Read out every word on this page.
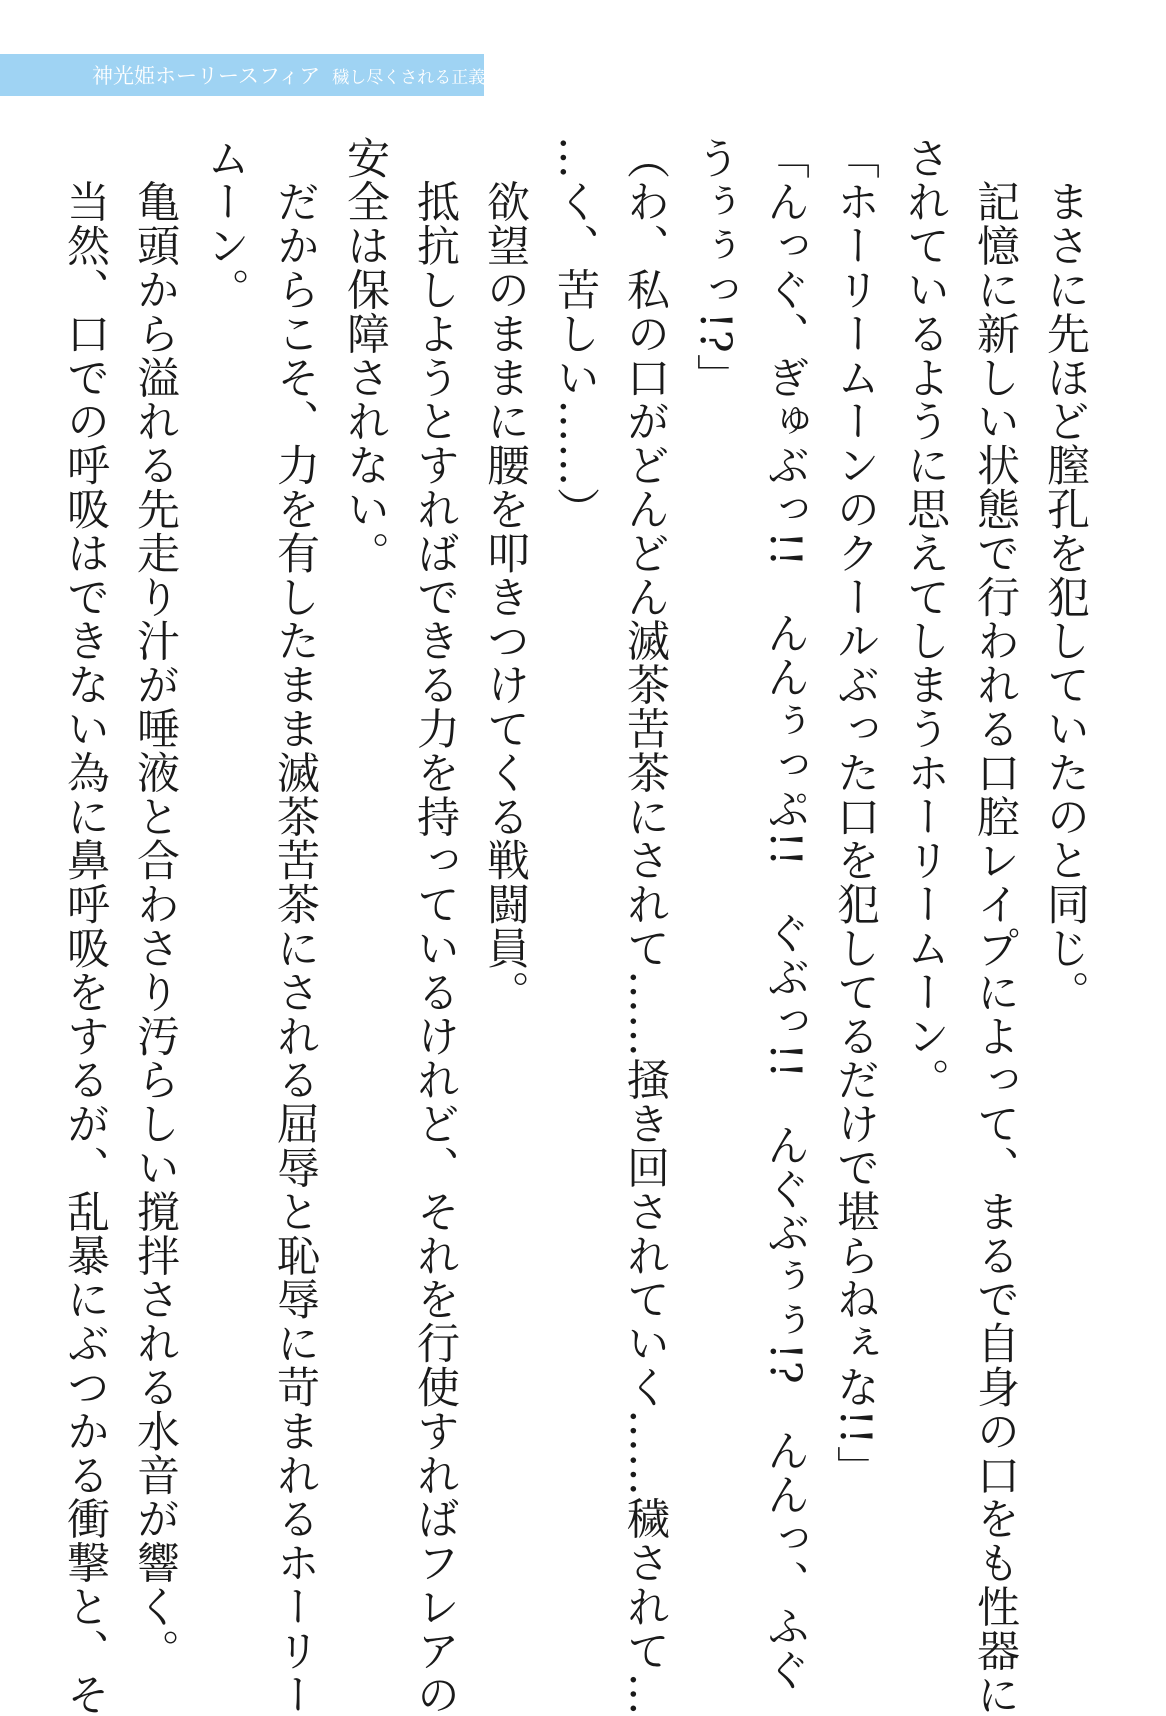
神光姫ホーリースフィア 穢し尽くされる正義
　まさに先ほど膣孔を犯していたのと同じ。
　記憶に新しい状態で行われる口腔レイプによって、まるで自身の口をも性器に
されているように思えてしまうホーリームーン。
「ホーリームーンのクールぶった口を犯してるだけで堪らねぇな!!」
「んっぐ、ぎゅぶっ!!　んんぅっぷ!!　ぐぶっ!!　んぐぶぅぅ!?　んんっ、ふぐ
うぅぅっ!?」
（わ、私の口がどんどん滅茶苦茶にされて……掻き回されていく……穢されて…
…く、苦しい……）
　欲望のままに腰を叩きつけてくる戦闘員。
　抵抗しようとすればできる力を持っているけれど、それを行使すればフレアの
安全は保障されない。
　だからこそ、力を有したまま滅茶苦茶にされる屈辱と恥辱に苛まれるホーリー
ムーン。
　亀頭から溢れる先走り汁が唾液と合わさり汚らしい撹拌される水音が響く。
　当然、口での呼吸はできない為に鼻呼吸をするが、乱暴にぶつかる衝撃と、そ
